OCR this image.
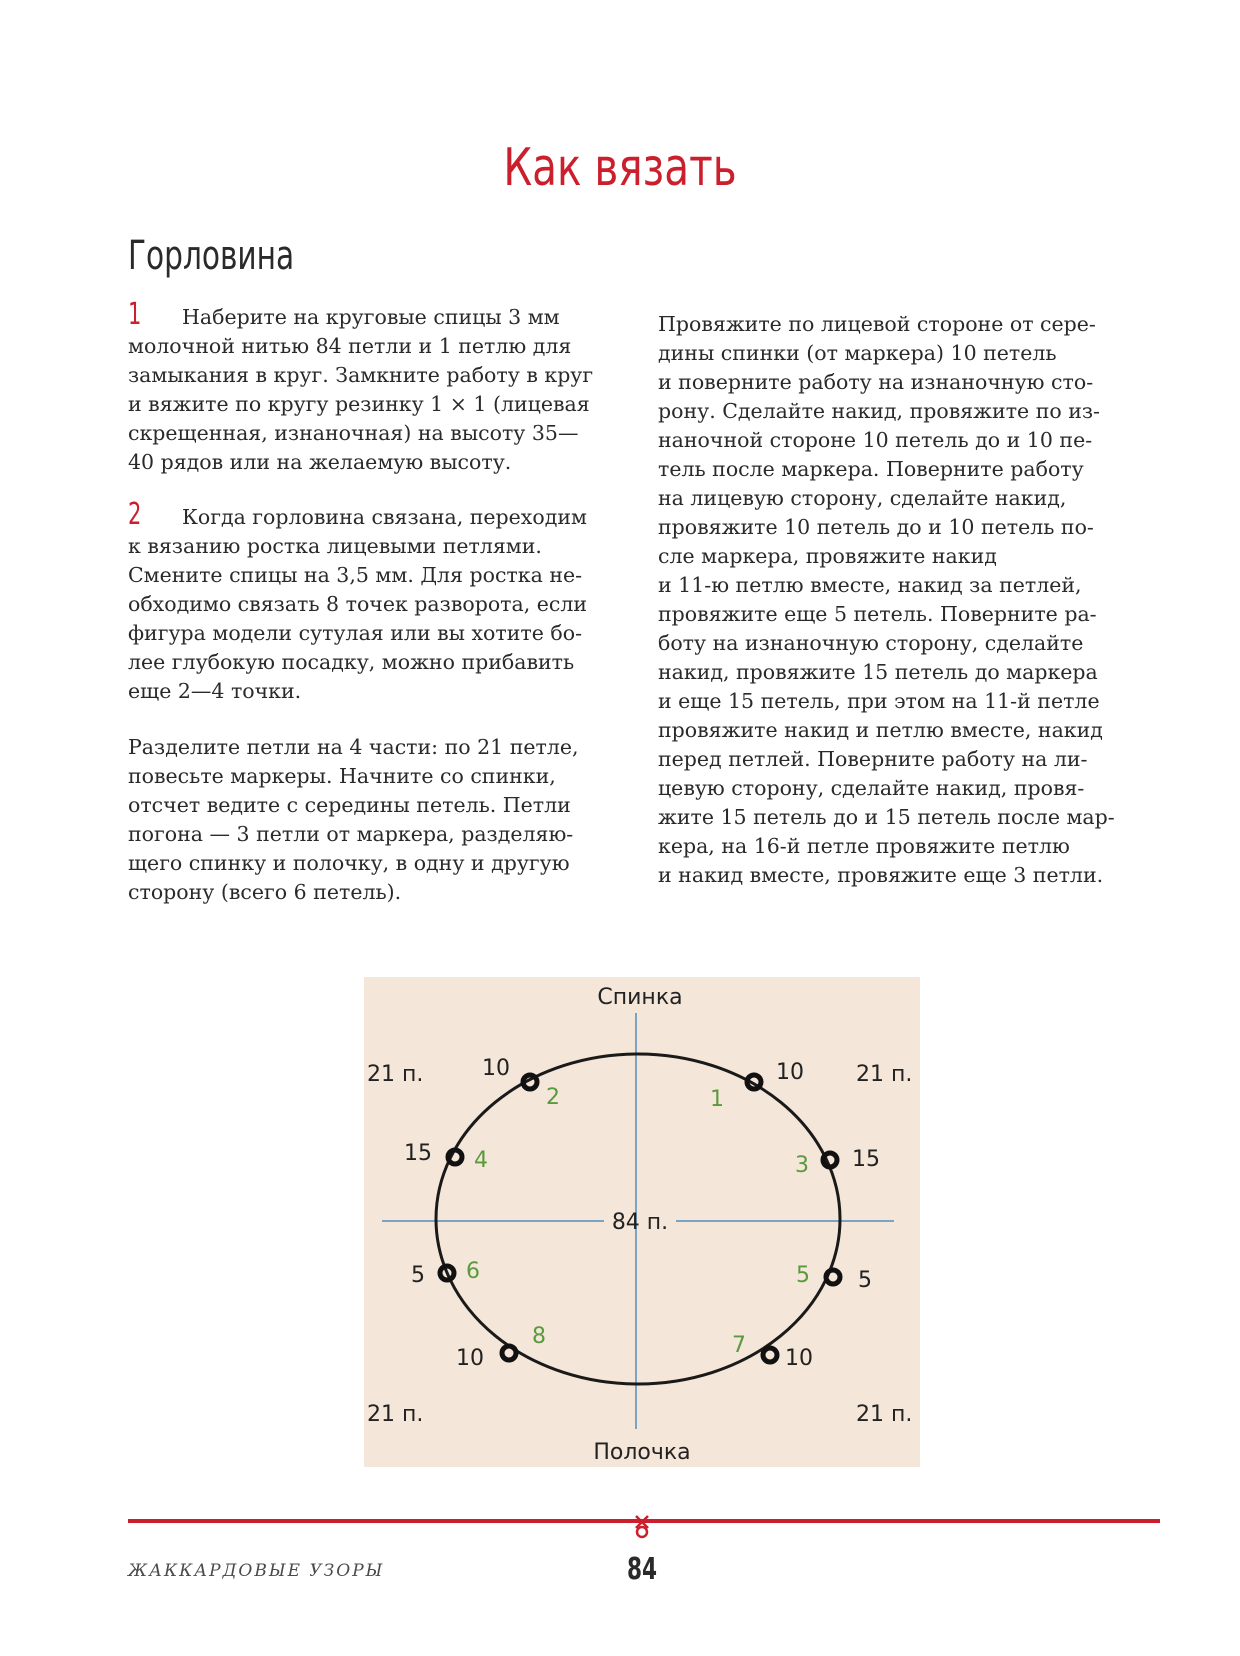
Как вязать
Горловина

1 Наберите на круговые спицы 3 мм
молочной нитью 84 петли и 1 петлю для
замыкания в круг. Замкните работу в круг
и вяжите по кругу резинку 1 × 1 (лицевая
скрещенная, изнаночная) на высоту 35—
40 рядов или на желаемую высоту.

2 Когда горловина связана, переходим
к вязанию ростка лицевыми петлями.
Смените спицы на 3,5 мм. Для ростка не-
обходимо связать 8 точек разворота, если
фигура модели сутулая или вы хотите бо-
лее глубокую посадку, можно прибавить
еще 2—4 точки.

Разделите петли на 4 части: по 21 петле,
повесьте маркеры. Начните со спинки,
отсчет ведите с середины петель. Петли
погона — 3 петли от маркера, разделяю-
щего спинку и полочку, в одну и другую
сторону (всего 6 петель).

Провяжите по лицевой стороне от сере-
дины спинки (от маркера) 10 петель
и поверните работу на изнаночную сто-
рону. Сделайте накид, провяжите по из-
наночной стороне 10 петель до и 10 пе-
тель после маркера. Поверните работу
на лицевую сторону, сделайте накид,
провяжите 10 петель до и 10 петель по-
сле маркера, провяжите накид
и 11-ю петлю вместе, накид за петлей,
провяжите еще 5 петель. Поверните ра-
боту на изнаночную сторону, сделайте
накид, провяжите 15 петель до маркера
и еще 15 петель, при этом на 11-й петле
провяжите накид и петлю вместе, накид
перед петлей. Поверните работу на ли-
цевую сторону, сделайте накид, провя-
жите 15 петель до и 15 петель после мар-
кера, на 16-й петле провяжите петлю
и накид вместе, провяжите еще 3 петли.

Спинка
Полочка
84 п.
21 п.	21 п.
21 п.	21 п.
10	10
15	15
5	5
10	10
1
2
3
4
5
6
7
8
ЖАККАРДОВЫЕ УЗОРЫ	84
